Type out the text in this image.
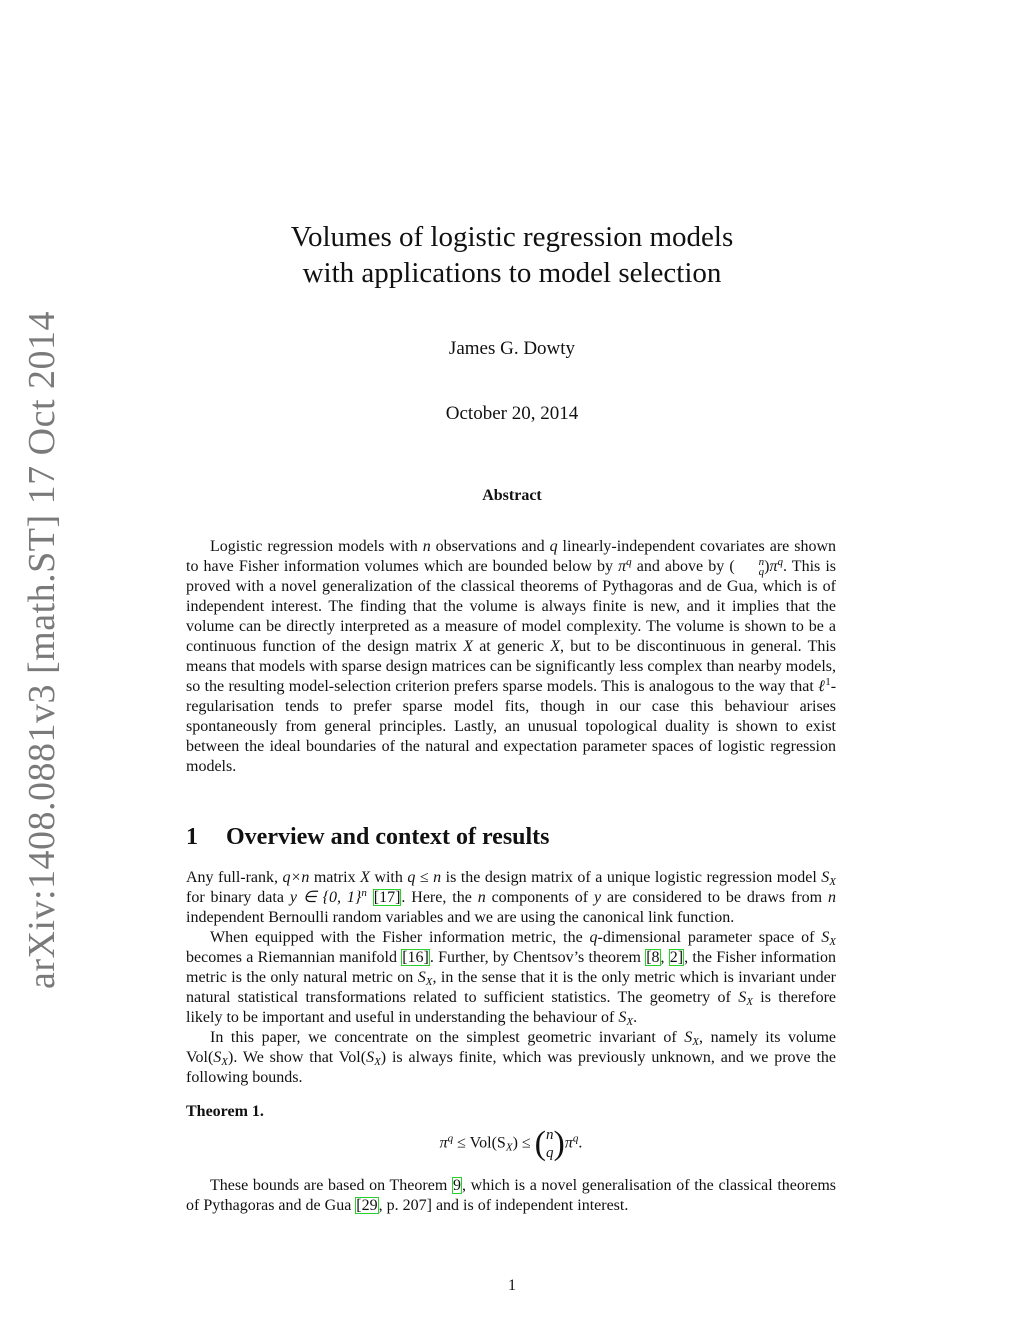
arXiv:1408.0881v3 [math.ST] 17 Oct 2014
Volumes of logistic regression models
with applications to model selection
James G. Dowty
October 20, 2014
Abstract

Logistic regression models with n observations and q linearly-independent covariates are shown to have Fisher information volumes which are bounded below by $\pi^q$ and above by (	n
q )$\pi^q$. This is proved with a novel generalization of the classical theorems of Pythagoras and de Gua, which is of independent interest. The finding that the volume is always finite is new, and it implies that the volume can be directly interpreted as a measure of model complexity. The volume is shown to be a continuous function of the design matrix X at generic X, but to be discontinuous in general. This means that models with sparse design matrices can be significantly less complex than nearby models, so the resulting model-selection criterion prefers sparse models. This is analogous to the way that ℓ$^1$-regularisation tends to prefer sparse model fits, though in our case this behaviour arises spontaneously from general principles. Lastly, an unusual topological duality is shown to exist between the ideal boundaries of the natural and expectation parameter spaces of logistic regression models.

1 Overview and context of results

Any full-rank, q×n matrix X with q ≤ n is the design matrix of a unique logistic regression model $S_X$ for binary data y ∈ {0, 1}$^n$ [17]. Here, the n components of y are considered to be draws from n independent Bernoulli random variables and we are using the canonical link function.

When equipped with the Fisher information metric, the q-dimensional parameter space of $S_X$ becomes a Riemannian manifold [16]. Further, by Chentsov’s theorem [8, 2], the Fisher information metric is the only natural metric on $S_X$, in the sense that it is the only metric which is invariant under natural statistical transformations related to sufficient statistics. The geometry of $S_X$ is therefore likely to be important and useful in understanding the behaviour of $S_X$.

In this paper, we concentrate on the simplest geometric invariant of $S_X$, namely its volume $Vol(S_X)$. We show that $Vol(S_X)$ is always finite, which was previously unknown, and we prove the following bounds.

Theorem 1.
$\pi^q \le Vol(S_X)$ ≤ ( n
q )$\pi^q$.

These bounds are based on Theorem 9, which is a novel generalisation of the classical theorems of Pythagoras and de Gua [29, p. 207] and is of independent interest.

1
